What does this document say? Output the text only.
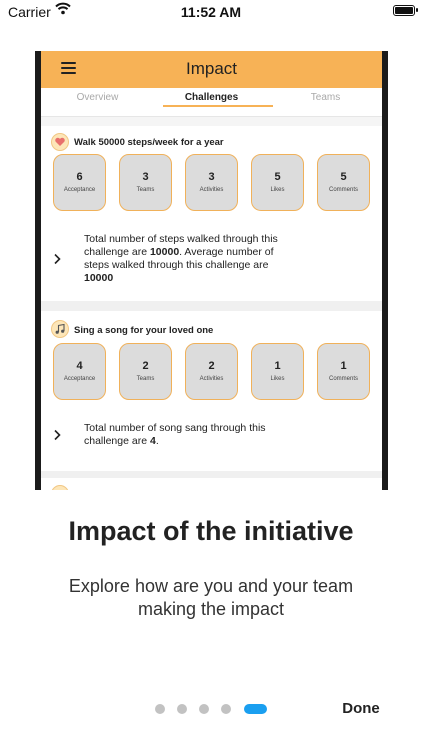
Carrier	11:52 AM
Impact
Overview	Challenges	Teams
Walk 50000 steps/week for a year
6
Acceptance
3
Teams
3
Activities
5
Likes
5
Comments
Total number of steps walked through this
challenge are 10000. Average number of
steps walked through this challenge are
10000
Sing a song for your loved one
4
Acceptance
2
Teams
2
Activities
1
Likes
1
Comments
Total number of song sang through this
challenge are 4.
Impact of the initiative
Explore how are you and your team making the impact
Done
